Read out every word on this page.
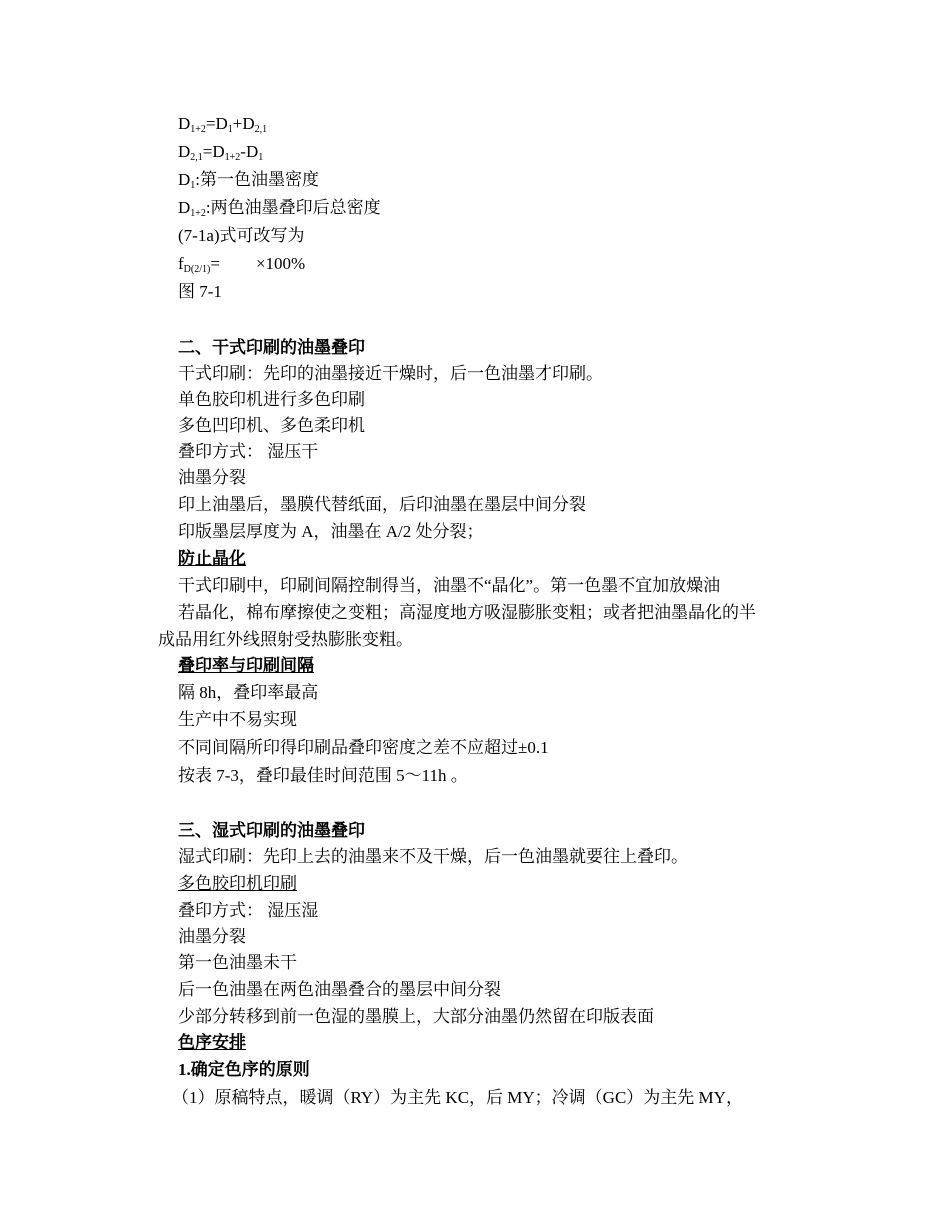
$D_{1+2}=D_1+D_{2,1}$
$D_{2,1}=D_{1+2}-D_1$
$D_1$:第一色油墨密度
$D_{1+2}$:两色油墨叠印后总密度
(7-1a)式可改写为
$f_{D(2/1)}= \times 100\%$
图 7-1
二、干式印刷的油墨叠印
干式印刷：先印的油墨接近干燥时，后一色油墨才印刷。
单色胶印机进行多色印刷
多色凹印机、多色柔印机
叠印方式： 湿压干
油墨分裂
印上油墨后，墨膜代替纸面，后印油墨在墨层中间分裂
印版墨层厚度为 A，油墨在 A/2 处分裂；
防止晶化
干式印刷中，印刷间隔控制得当，油墨不“晶化”。第一色墨不宜加放燥油
若晶化，棉布摩擦使之变粗；高湿度地方吸湿膨胀变粗；或者把油墨晶化的半
成品用红外线照射受热膨胀变粗。
叠印率与印刷间隔
隔 8h，叠印率最高
生产中不易实现
不同间隔所印得印刷品叠印密度之差不应超过±0.1
按表 7-3，叠印最佳时间范围 5～11h 。
三、湿式印刷的油墨叠印
湿式印刷：先印上去的油墨来不及干燥，后一色油墨就要往上叠印。
多色胶印机印刷
叠印方式： 湿压湿
油墨分裂
第一色油墨未干
后一色油墨在两色油墨叠合的墨层中间分裂
少部分转移到前一色湿的墨膜上，大部分油墨仍然留在印版表面
色序安排
1.确定色序的原则
（1）原稿特点，暖调（RY）为主先 KC，后 MY；冷调（GC）为主先 MY，
